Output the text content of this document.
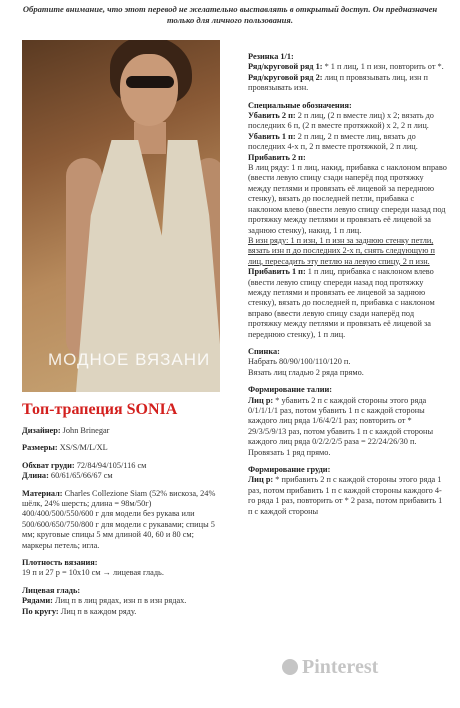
Обратите внимание, что этот перевод не желательно выставлять в открытый доступ. Он предназначен только для личного пользования.
МОДНОЕ ВЯЗАНИ
Топ-трапеция SONIA

Дизайнер: John Brinegar

Размеры: XS/S/M/L/XL

Обхват груди: 72/84/94/105/116 см

Длина: 60/61/65/66/67 см

Материал: Charles Collezione Siam (52% вискоза, 24% шёлк, 24% шерсть; длина = 98м/50г) 400/400/500/550/600 г для модели без рукава или 500/600/650/750/800 г для модели с рукавами; спицы 5 мм; круговые спицы 5 мм длиной 40, 60 и 80 см; маркеры петель; игла.

Плотность вязания:

19 п и 27 р = 10х10 см → лицевая гладь.

Лицевая гладь:

Рядами: Лиц п в лиц рядах, изн п в изн рядах.

По кругу: Лиц п в каждом ряду.

Резинка 1/1:

Ряд/круговой ряд 1: * 1 п лиц, 1 п изн, повторить от *.

Ряд/круговой ряд 2: лиц п провязывать лиц, изн п провязывать изн.

Специальные обозначения:

Убавить 2 п: 2 п лиц, (2 п вместе лиц) х 2; вязать до последних 6 п, (2 п вместе протяжкой) х 2, 2 п лиц.

Убавить 1 п: 2 п лиц, 2 п вместе лиц, вязать до последних 4-х п, 2 п вместе протяжкой, 2 п лиц.

Прибавить 2 п:

В лиц ряду: 1 п лиц, накид, прибавка с наклоном вправо (ввести левую спицу сзади наперёд под протяжку между петлями и провязать её лицевой за переднюю стенку), вязать до последней петли, прибавка с наклоном влево (ввести левую спицу спереди назад под протяжку между петлями и провязать её лицевой за заднюю стенку), накид, 1 п лиц.

В изн ряду: 1 п изн, 1 п изн за заднюю стенку петли, вязать изн п до последних 2-х п, снять следующую п лиц, пересадить эту петлю на левую спицу, 2 п изн.

Прибавить 1 п: 1 п лиц, прибавка с наклоном влево (ввести левую спицу спереди назад под протяжку между петлями и провязать ее лицевой за заднюю стенку), вязать до последней п, прибавка с наклоном вправо (ввести левую спицу сзади наперёд под протяжку между петлями и провязать её лицевой за переднюю стенку), 1 п лиц.

Спинка:

Набрать 80/90/100/110/120 п.

Вязать лиц гладью 2 ряда прямо.

Формирование талии:

Лиц р: * убавить 2 п с каждой стороны этого ряда 0/1/1/1/1 раз, потом убавить 1 п с каждой стороны каждого лиц ряда 1/6/4/2/1 раз; повторить от * 29/3/5/9/13 раз, потом убавить 1 п с каждой стороны каждого лиц ряда 0/2/2/2/5 раза = 22/24/26/30 п.

Провязать 1 ряд прямо.

Формирование груди:

Лиц р: * прибавить 2 п с каждой стороны этого ряда 1 раз, потом прибавить 1 п с каждой стороны каждого 4-го ряда 1 раз, повторить от * 2 раза, потом прибавить 1 п с каждой стороны

Pinterest
